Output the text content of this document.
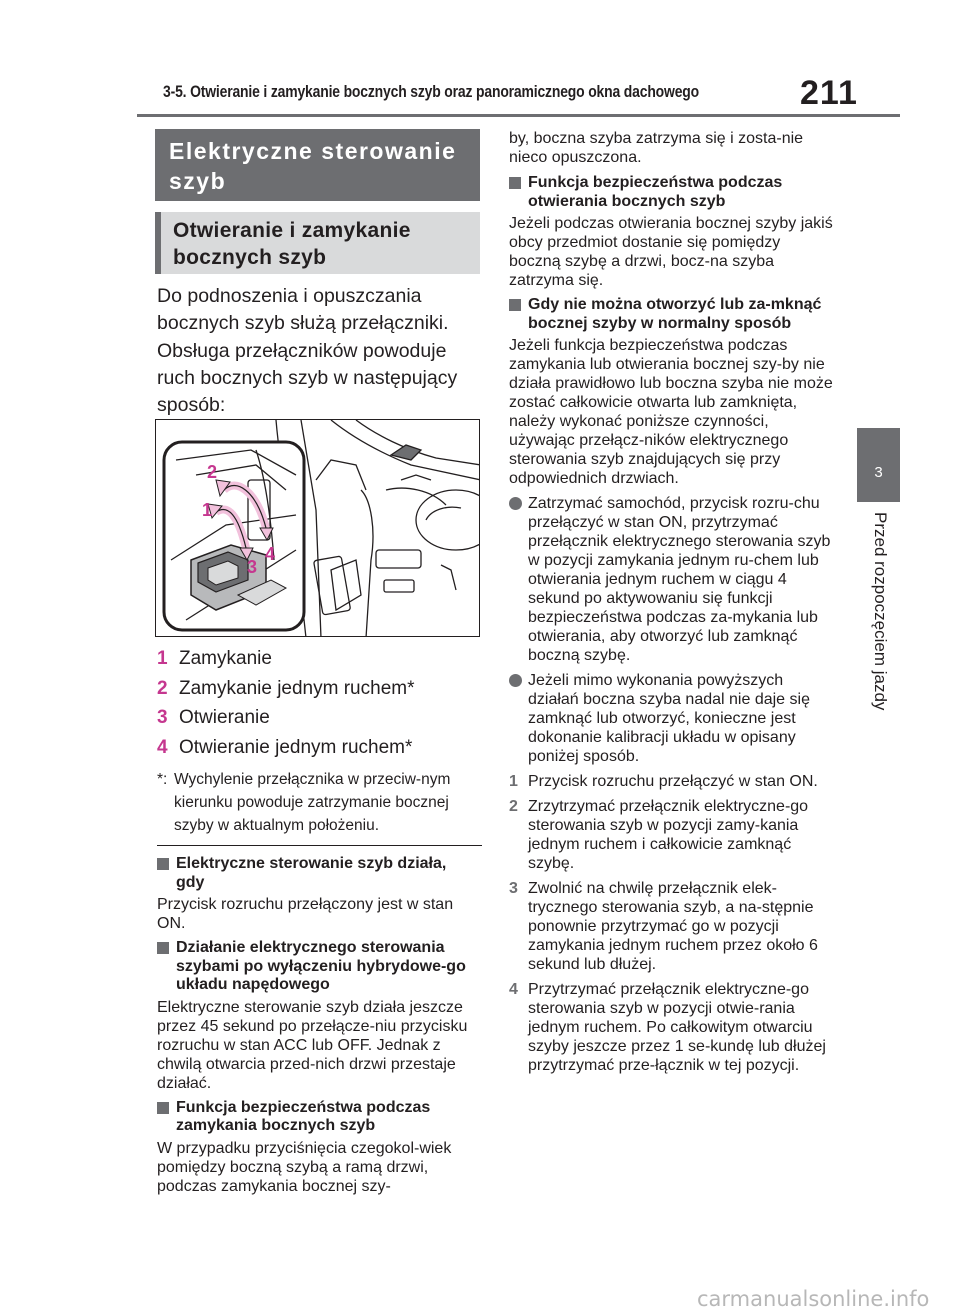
3-5. Otwieranie i zamykanie bocznych szyb oraz panoramicznego okna dachowego	211
3
Przed rozpoczęciem jazdy
Elektryczne sterowanie szyb
Otwieranie i zamykanie bocznych szyb

Do podnoszenia i opuszczania bocznych szyb służą przełączniki.

Obsługa przełączników powoduje ruch bocznych szyb w następujący sposób:

1
2
3
4
1 Zamykanie
2 Zamykanie jednym ruchem*
3 Otwieranie
4 Otwieranie jednym ruchem*
*: Wychylenie przełącznika w przeciw-nym kierunku powoduje zatrzymanie bocznej szyby w aktualnym położeniu.
Elektryczne sterowanie szyb działa, gdy
Przycisk rozruchu przełączony jest w stan ON.
Działanie elektrycznego sterowania szybami po wyłączeniu hybrydowe-go układu napędowego
Elektryczne sterowanie szyb działa jeszcze przez 45 sekund po przełącze-niu przycisku rozruchu w stan ACC lub OFF. Jednak z chwilą otwarcia przed-nich drzwi przestaje działać.
Funkcja bezpieczeństwa podczas zamykania bocznych szyb
W przypadku przyciśnięcia czegokol-wiek pomiędzy boczną szybą a ramą drzwi, podczas zamykania bocznej szy-
by, boczna szyba zatrzyma się i zosta-nie nieco opuszczona.
Funkcja bezpieczeństwa podczas otwierania bocznych szyb
Jeżeli podczas otwierania bocznej szyby jakiś obcy przedmiot dostanie się pomiędzy boczną szybę a drzwi, bocz-na szyba zatrzyma się.
Gdy nie można otworzyć lub za-mknąć bocznej szyby w normalny sposób
Jeżeli funkcja bezpieczeństwa podczas zamykania lub otwierania bocznej szy-by nie działa prawidłowo lub boczna szyba nie może zostać całkowicie otwarta lub zamknięta, należy wykonać poniższe czynności, używając przełącz-ników elektrycznego sterowania szyb znajdujących się przy odpowiednich drzwiach.
Zatrzymać samochód, przycisk rozru-chu przełączyć w stan ON, przytrzymać przełącznik elektrycznego sterowania szyb w pozycji zamykania jednym ru-chem lub otwierania jednym ruchem w ciągu 4 sekund po aktywowaniu się funkcji bezpieczeństwa podczas za-mykania lub otwierania, aby otworzyć lub zamknąć boczną szybę.
Jeżeli mimo wykonania powyższych działań boczna szyba nadal nie daje się zamknąć lub otworzyć, konieczne jest dokonanie kalibracji układu w opisany poniżej sposób.
1 Przycisk rozruchu przełączyć w stan ON.
2 Zrzytrzymać przełącznik elektryczne-go sterowania szyb w pozycji zamy-kania jednym ruchem i całkowicie zamknąć szybę.
3 Zwolnić na chwilę przełącznik elek-trycznego sterowania szyb, a na-stępnie ponownie przytrzymać go w pozycji zamykania jednym ruchem przez około 6 sekund lub dłużej.
4 Przytrzymać przełącznik elektryczne-go sterowania szyb w pozycji otwie-rania jednym ruchem. Po całkowitym otwarciu szyby jeszcze przez 1 se-kundę lub dłużej przytrzymać prze-łącznik w tej pozycji.
carmanualsonline.info
